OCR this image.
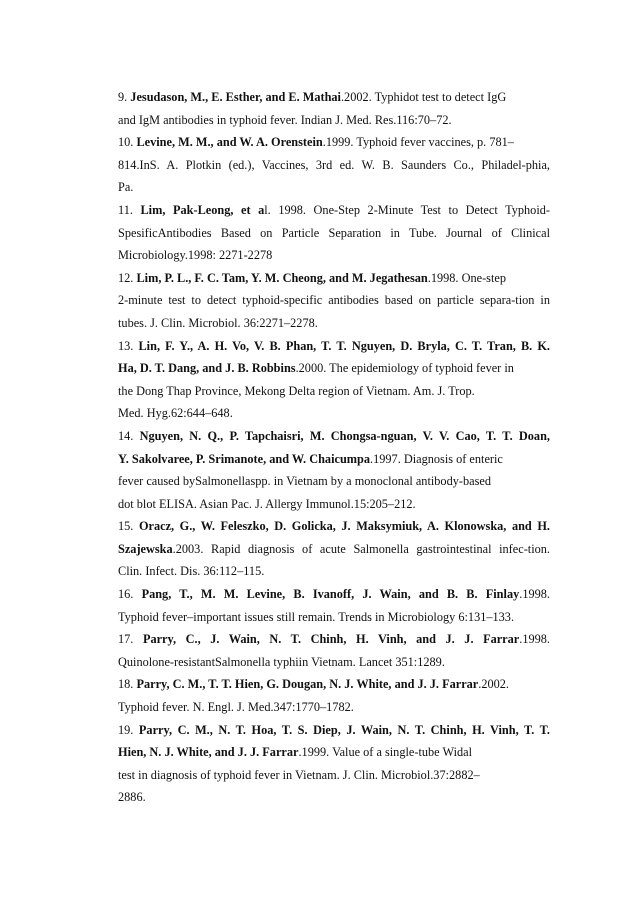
9. Jesudason, M., E. Esther, and E. Mathai.2002. Typhidot test to detect IgG
and IgM antibodies in typhoid fever. Indian J. Med. Res.116:70–72.
10. Levine, M. M., and W. A. Orenstein.1999. Typhoid fever vaccines, p. 781–
814.InS. A. Plotkin (ed.), Vaccines, 3rd ed. W. B. Saunders Co., Philadel-phia,
Pa.
11. Lim, Pak-Leong, et al. 1998. One-Step 2-Minute Test to Detect Typhoid-
SpesificAntibodies Based on Particle Separation in Tube. Journal of Clinical
Microbiology.1998: 2271-2278
12. Lim, P. L., F. C. Tam, Y. M. Cheong, and M. Jegathesan.1998. One-step
2-minute test to detect typhoid-specific antibodies based on particle separa-tion in
tubes. J. Clin. Microbiol. 36:2271–2278.
13. Lin, F. Y., A. H. Vo, V. B. Phan, T. T. Nguyen, D. Bryla, C. T. Tran, B. K.
Ha, D. T. Dang, and J. B. Robbins.2000. The epidemiology of typhoid fever in
the Dong Thap Province, Mekong Delta region of Vietnam. Am. J. Trop.
Med. Hyg.62:644–648.
14. Nguyen, N. Q., P. Tapchaisri, M. Chongsa-nguan, V. V. Cao, T. T. Doan,
Y. Sakolvaree, P. Srimanote, and W. Chaicumpa.1997. Diagnosis of enteric
fever caused bySalmonellaspp. in Vietnam by a monoclonal antibody-based
dot blot ELISA. Asian Pac. J. Allergy Immunol.15:205–212.
15. Oracz, G., W. Feleszko, D. Golicka, J. Maksymiuk, A. Klonowska, and H.
Szajewska.2003. Rapid diagnosis of acute Salmonella gastrointestinal infec-tion.
Clin. Infect. Dis. 36:112–115.
16. Pang, T., M. M. Levine, B. Ivanoff, J. Wain, and B. B. Finlay.1998.
Typhoid fever–important issues still remain. Trends in Microbiology 6:131–133.
17. Parry, C., J. Wain, N. T. Chinh, H. Vinh, and J. J. Farrar.1998.
Quinolone-resistantSalmonella typhiin Vietnam. Lancet 351:1289.
18. Parry, C. M., T. T. Hien, G. Dougan, N. J. White, and J. J. Farrar.2002.
Typhoid fever. N. Engl. J. Med.347:1770–1782.
19. Parry, C. M., N. T. Hoa, T. S. Diep, J. Wain, N. T. Chinh, H. Vinh, T. T.
Hien, N. J. White, and J. J. Farrar.1999. Value of a single-tube Widal
test in diagnosis of typhoid fever in Vietnam. J. Clin. Microbiol.37:2882–
2886.
